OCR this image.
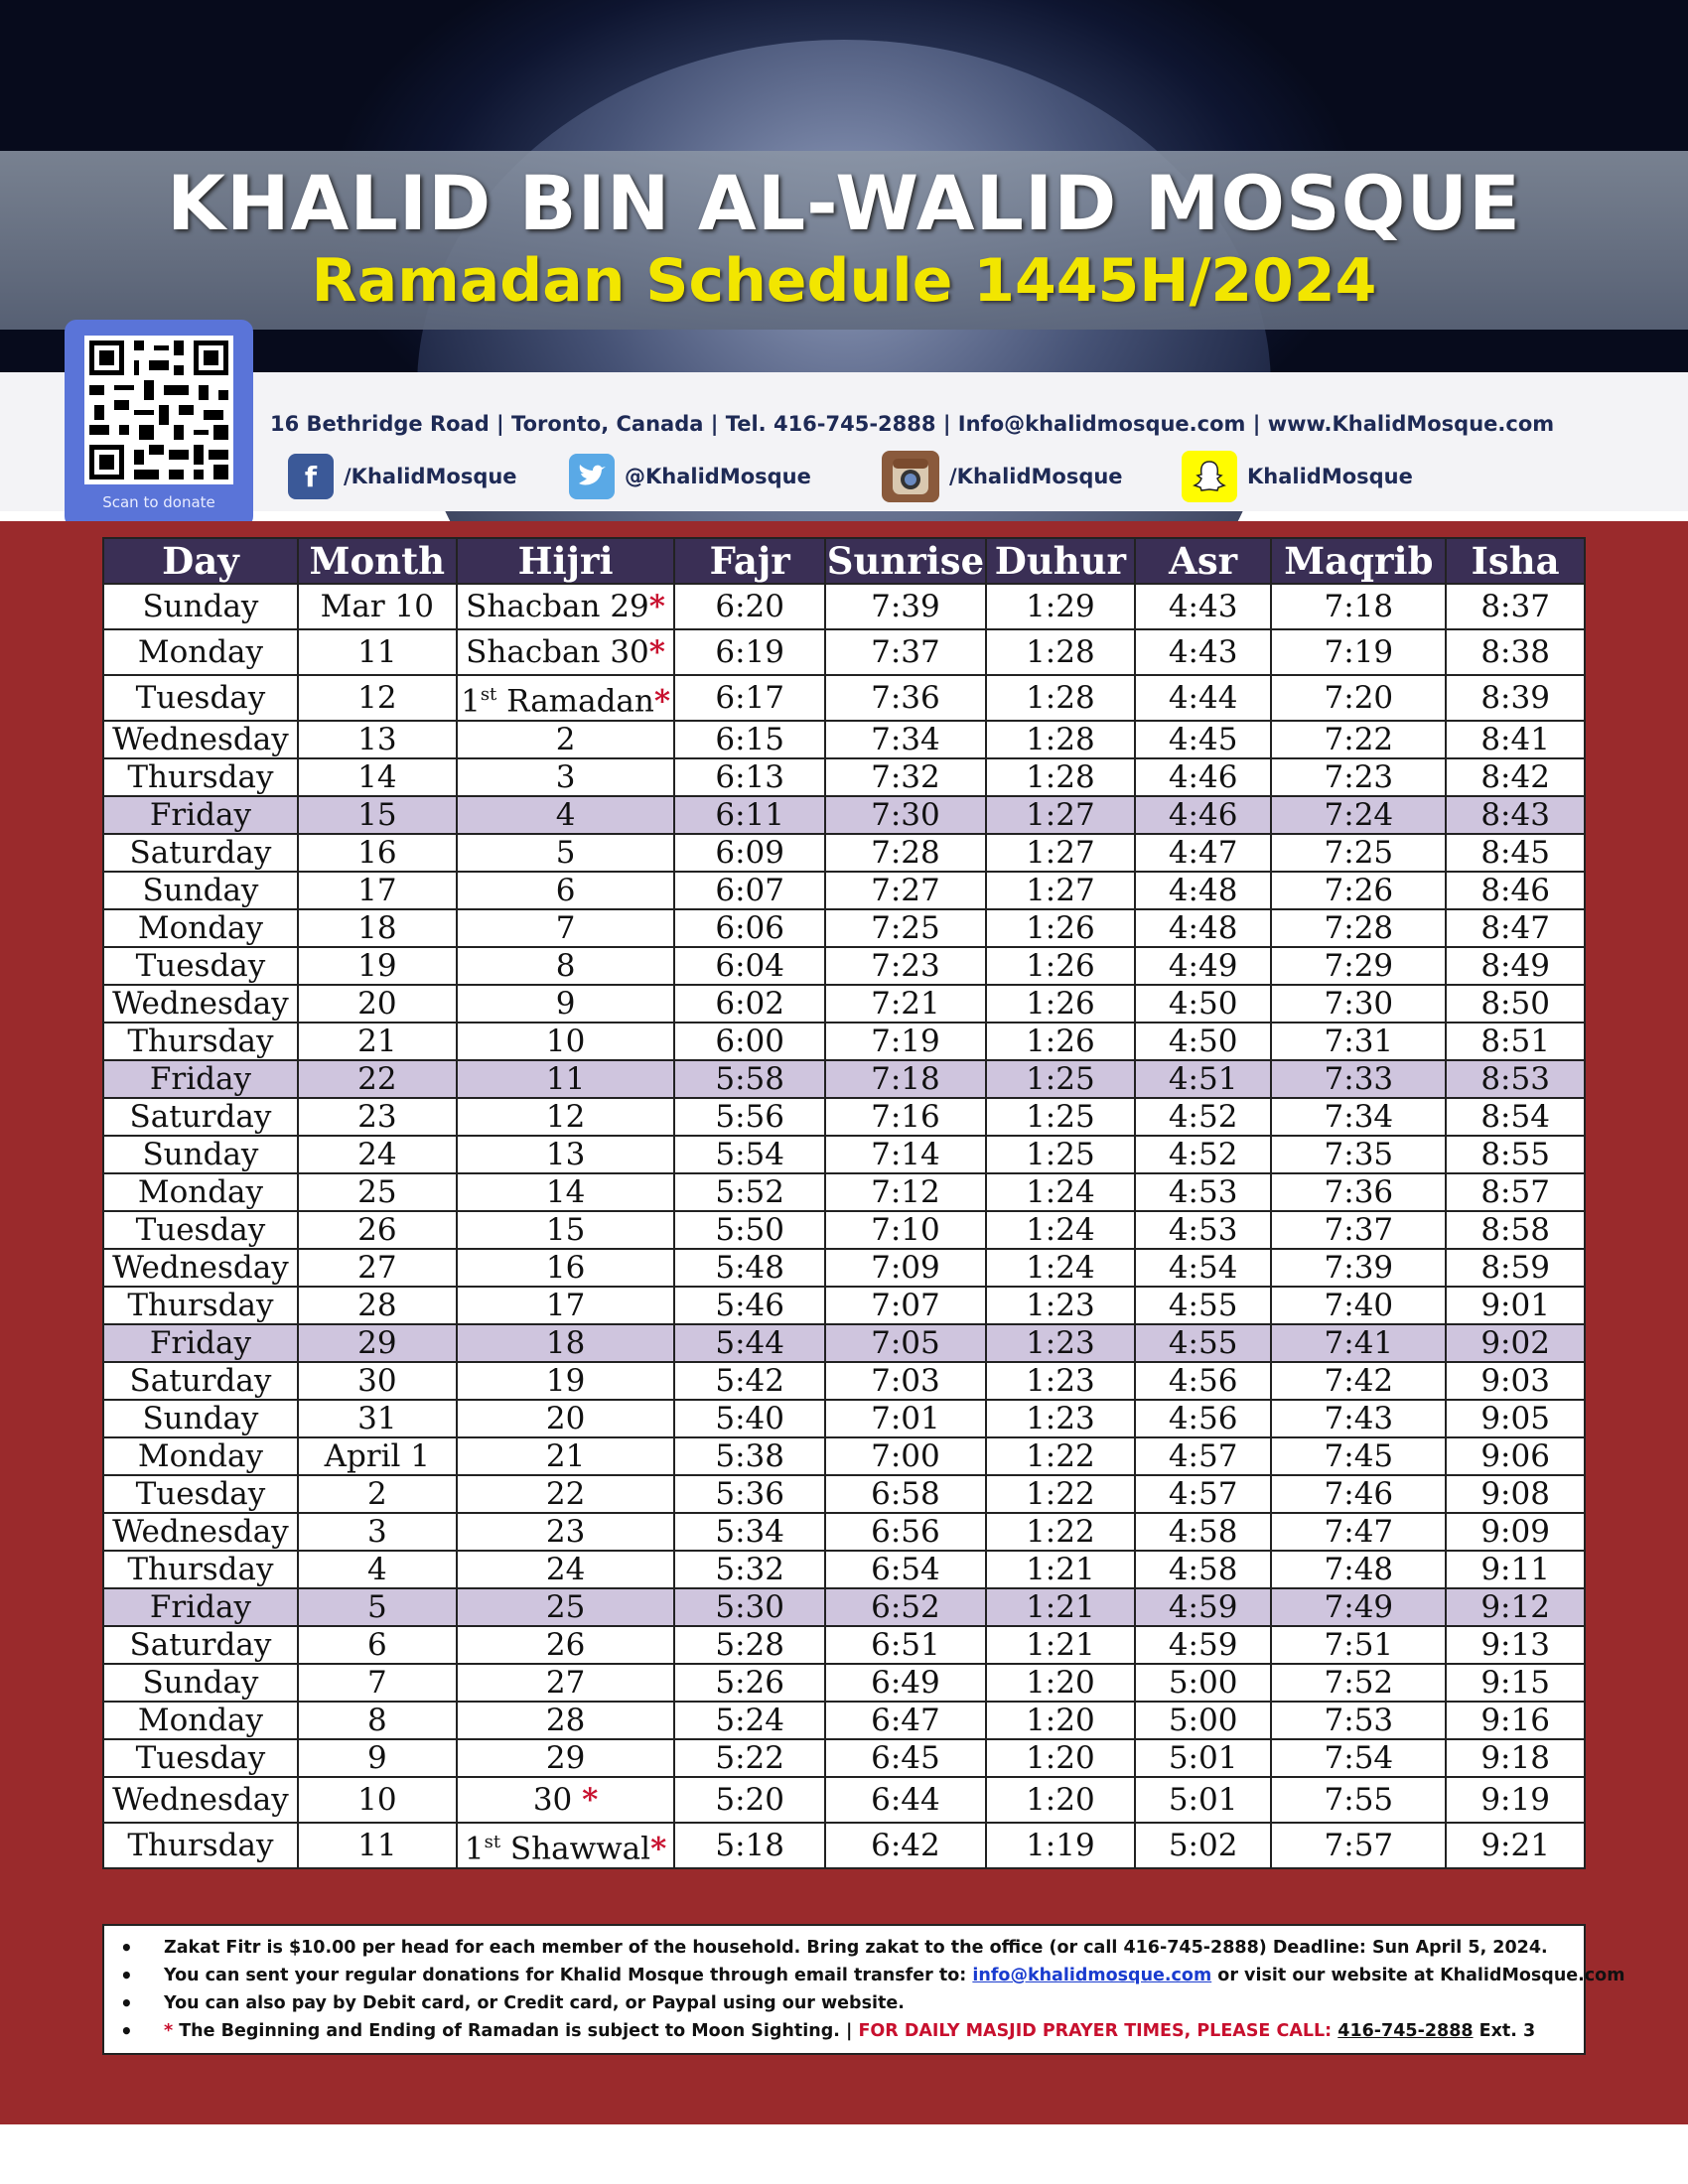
KHALID BIN AL-WALID MOSQUE
Ramadan Schedule 1445H/2024
Scan to donate
16 Bethridge Road | Toronto, Canada | Tel. 416-745-2888 | Info@khalidmosque.com | www.KhalidMosque.com
f	/KhalidMosque	@KhalidMosque	/KhalidMosque	KhalidMosque
Day	Month	Hijri	Fajr	Sunrise	Duhur	Asr	Maqrib	Isha
Sunday	Mar 10	Shacban 29*	6:20	7:39	1:29	4:43	7:18	8:37
Monday	11	Shacban 30*	6:19	7:37	1:28	4:43	7:19	8:38
Tuesday	12	1st Ramadan*	6:17	7:36	1:28	4:44	7:20	8:39
Wednesday	13	2	6:15	7:34	1:28	4:45	7:22	8:41
Thursday	14	3	6:13	7:32	1:28	4:46	7:23	8:42
Friday	15	4	6:11	7:30	1:27	4:46	7:24	8:43
Saturday	16	5	6:09	7:28	1:27	4:47	7:25	8:45
Sunday	17	6	6:07	7:27	1:27	4:48	7:26	8:46
Monday	18	7	6:06	7:25	1:26	4:48	7:28	8:47
Tuesday	19	8	6:04	7:23	1:26	4:49	7:29	8:49
Wednesday	20	9	6:02	7:21	1:26	4:50	7:30	8:50
Thursday	21	10	6:00	7:19	1:26	4:50	7:31	8:51
Friday	22	11	5:58	7:18	1:25	4:51	7:33	8:53
Saturday	23	12	5:56	7:16	1:25	4:52	7:34	8:54
Sunday	24	13	5:54	7:14	1:25	4:52	7:35	8:55
Monday	25	14	5:52	7:12	1:24	4:53	7:36	8:57
Tuesday	26	15	5:50	7:10	1:24	4:53	7:37	8:58
Wednesday	27	16	5:48	7:09	1:24	4:54	7:39	8:59
Thursday	28	17	5:46	7:07	1:23	4:55	7:40	9:01
Friday	29	18	5:44	7:05	1:23	4:55	7:41	9:02
Saturday	30	19	5:42	7:03	1:23	4:56	7:42	9:03
Sunday	31	20	5:40	7:01	1:23	4:56	7:43	9:05
Monday	April 1	21	5:38	7:00	1:22	4:57	7:45	9:06
Tuesday	2	22	5:36	6:58	1:22	4:57	7:46	9:08
Wednesday	3	23	5:34	6:56	1:22	4:58	7:47	9:09
Thursday	4	24	5:32	6:54	1:21	4:58	7:48	9:11
Friday	5	25	5:30	6:52	1:21	4:59	7:49	9:12
Saturday	6	26	5:28	6:51	1:21	4:59	7:51	9:13
Sunday	7	27	5:26	6:49	1:20	5:00	7:52	9:15
Monday	8	28	5:24	6:47	1:20	5:00	7:53	9:16
Tuesday	9	29	5:22	6:45	1:20	5:01	7:54	9:18
Wednesday	10	30 *	5:20	6:44	1:20	5:01	7:55	9:19
Thursday	11	1st Shawwal*	5:18	6:42	1:19	5:02	7:57	9:21
• Zakat Fitr is $10.00 per head for each member of the household. Bring zakat to the office (or call 416-745-2888) Deadline: Sun April 5, 2024.
• You can sent your regular donations for Khalid Mosque through email transfer to: info@khalidmosque.com or visit our website at KhalidMosque.com
• You can also pay by Debit card, or Credit card, or Paypal using our website.
• * The Beginning and Ending of Ramadan is subject to Moon Sighting. | FOR DAILY MASJID PRAYER TIMES, PLEASE CALL: 416-745-2888 Ext. 3
